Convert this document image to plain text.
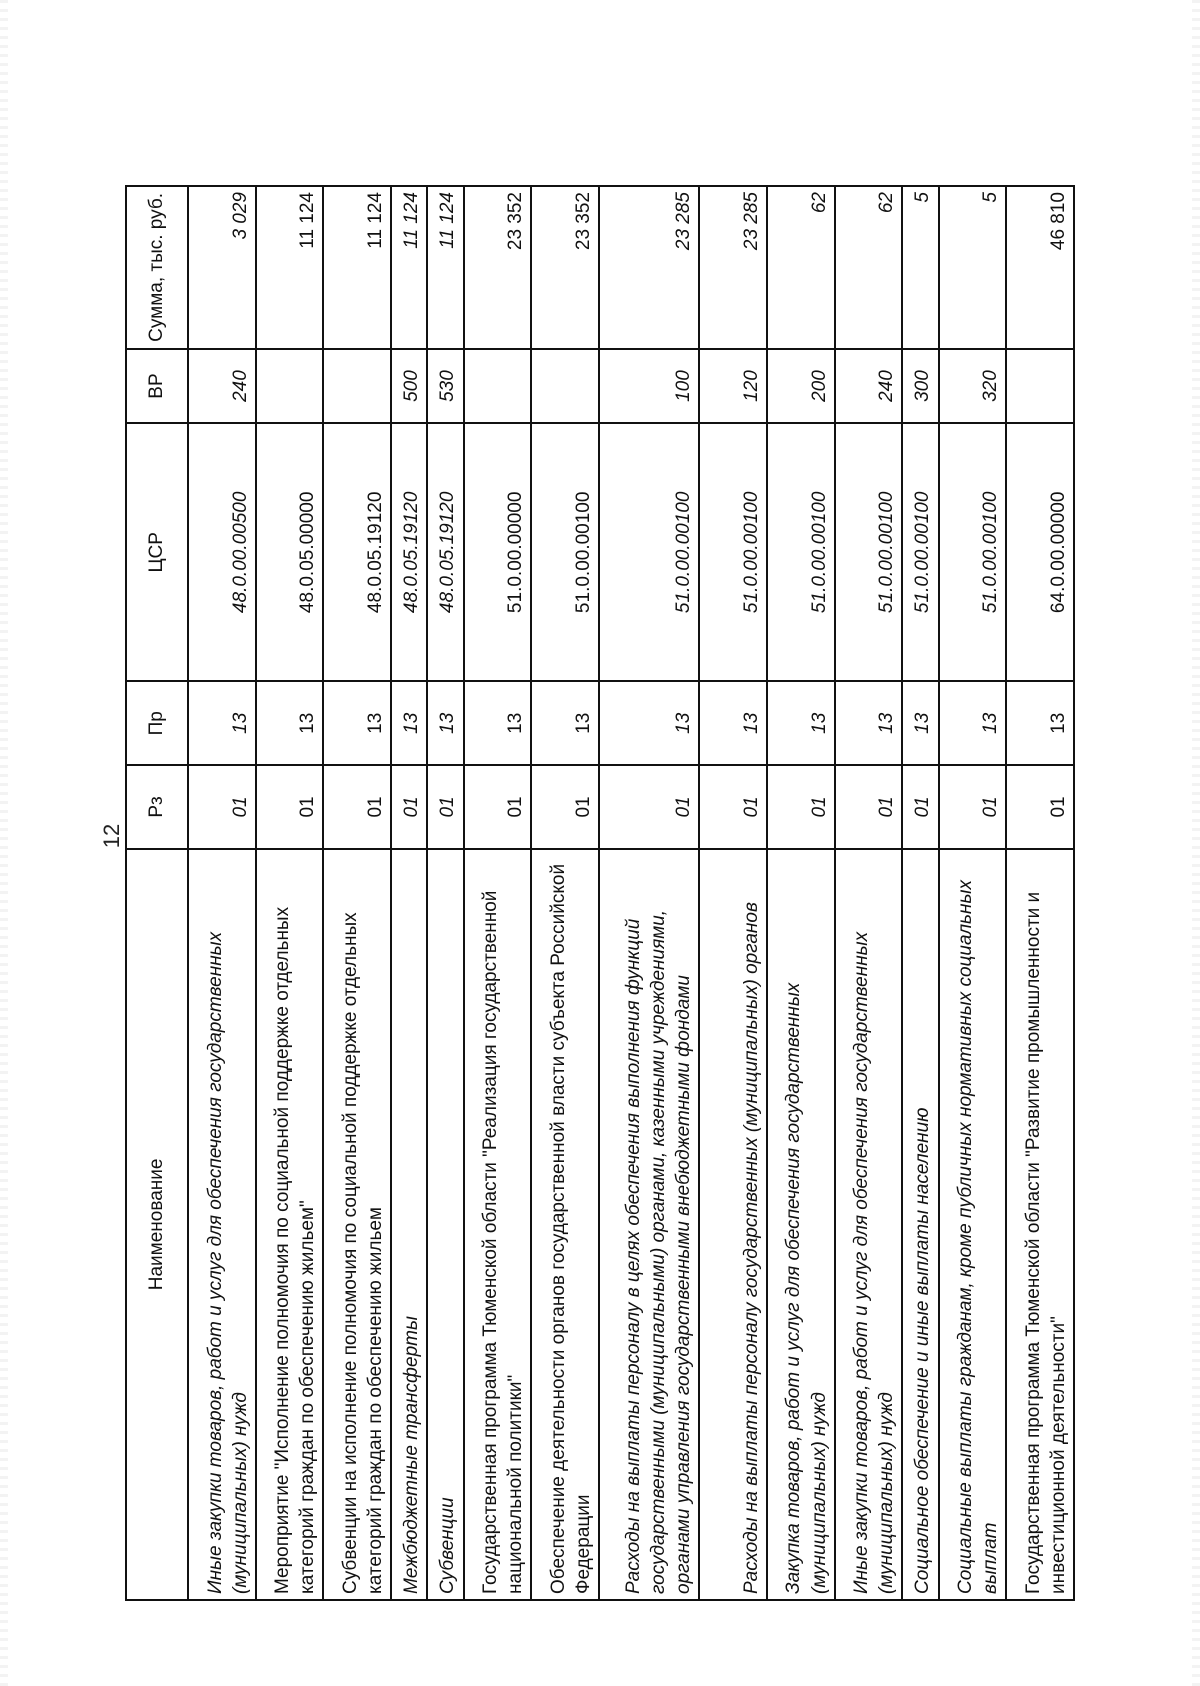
12
Наименование	Рз	Пр	ЦСР	ВР	Сумма, тыс. руб.
Иные закупки товаров, работ и услуг для обеспечения государственных (муниципальных) нужд	01	13	48.0.00.00500	240	3 029
Мероприятие "Исполнение полномочия по социальной поддержке отдельных категорий граждан по обеспечению жильем"	01	13	48.0.05.00000		11 124
Субвенции на исполнение полномочия по социальной поддержке отдельных категорий граждан по обеспечению жильем	01	13	48.0.05.19120		11 124
Межбюджетные трансферты	01	13	48.0.05.19120	500	11 124
Субвенции	01	13	48.0.05.19120	530	11 124
Государственная программа Тюменской области "Реализация государственной национальной политики"	01	13	51.0.00.00000		23 352
Обеспечение деятельности органов государственной власти субъекта Российской Федерации	01	13	51.0.00.00100		23 352
Расходы на выплаты персоналу в целях обеспечения выполнения функций государственными (муниципальными) органами, казенными учреждениями, органами управления государственными внебюджетными фондами	01	13	51.0.00.00100	100	23 285
Расходы на выплаты персоналу государственных (муниципальных) органов	01	13	51.0.00.00100	120	23 285
Закупка товаров, работ и услуг для обеспечения государственных (муниципальных) нужд	01	13	51.0.00.00100	200	62
Иные закупки товаров, работ и услуг для обеспечения государственных (муниципальных) нужд	01	13	51.0.00.00100	240	62
Социальное обеспечение и иные выплаты населению	01	13	51.0.00.00100	300	5
Социальные выплаты гражданам, кроме публичных нормативных социальных выплат	01	13	51.0.00.00100	320	5
Государственная программа Тюменской области "Развитие промышленности и инвестиционной деятельности"	01	13	64.0.00.00000		46 810
